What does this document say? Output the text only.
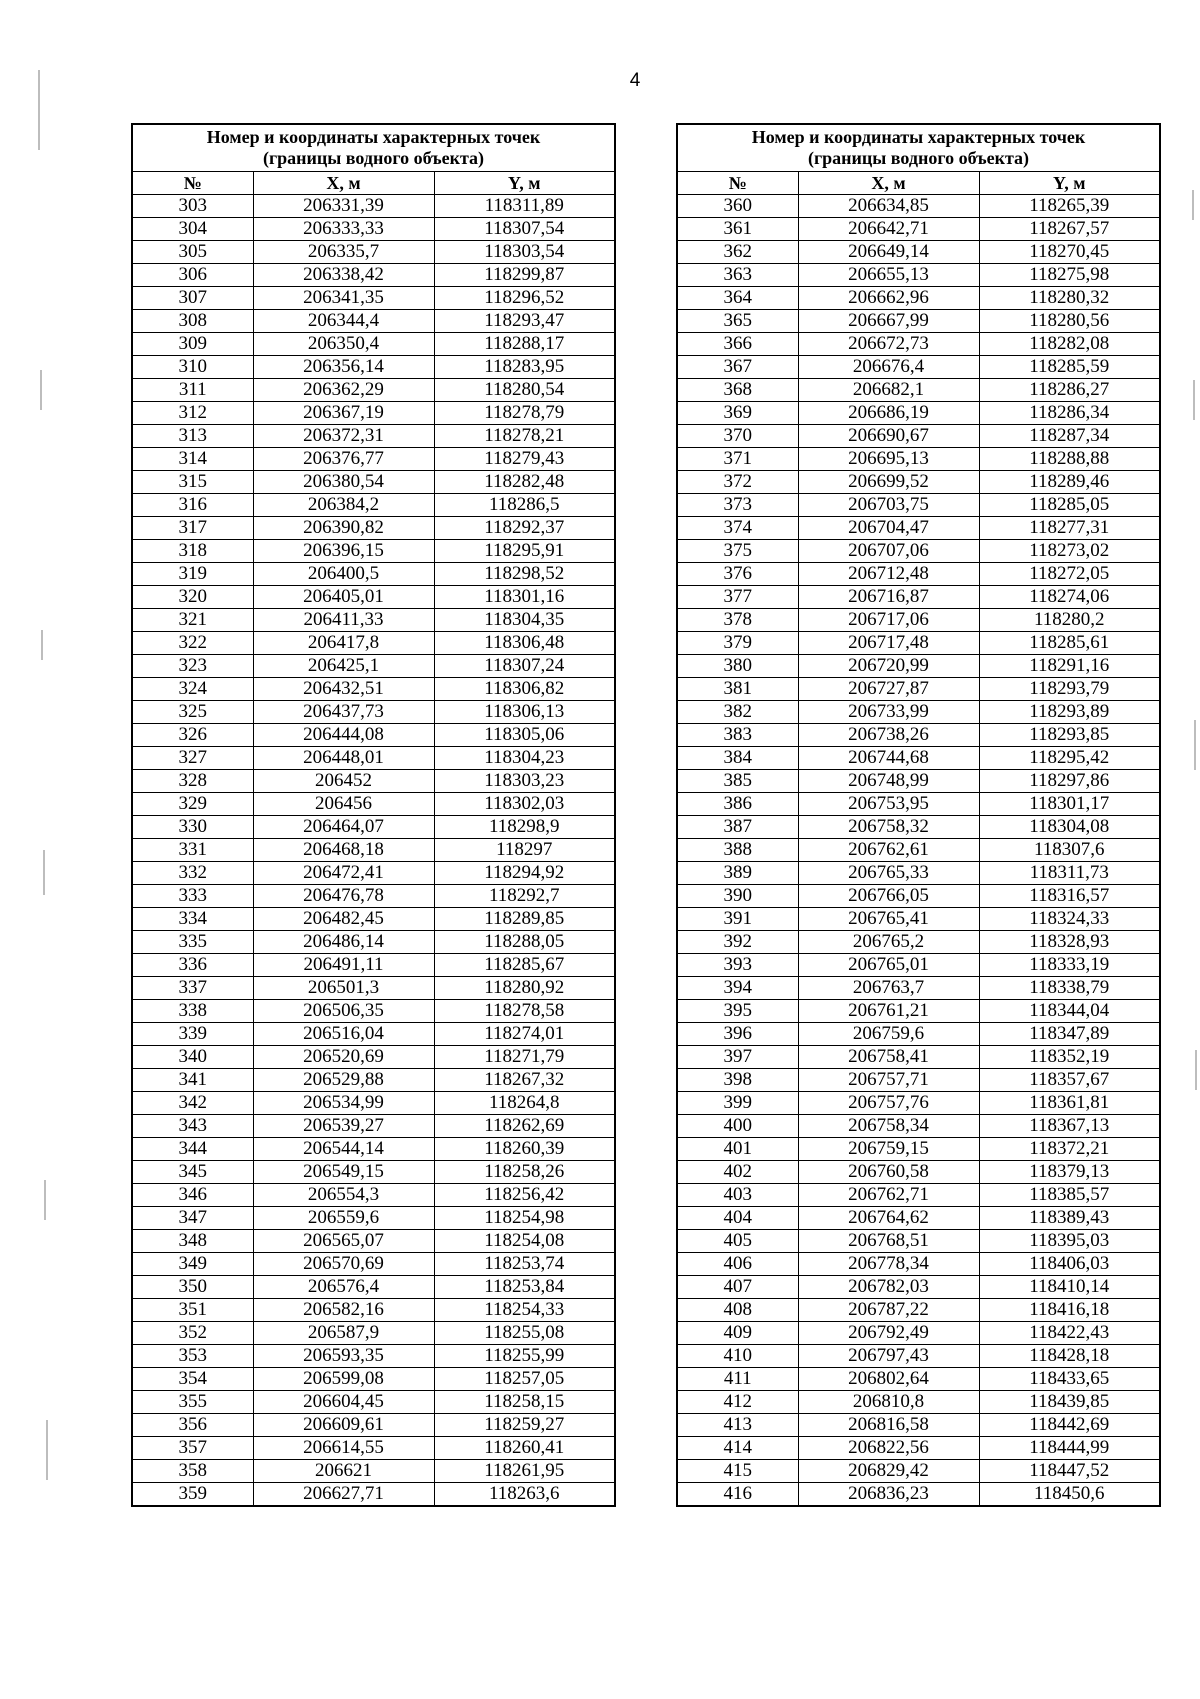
4
Номер и координаты характерных точек
(границы водного объекта)		
№	X, м	Y, м
303	206331,39	118311,89
304	206333,33	118307,54
305	206335,7	118303,54
306	206338,42	118299,87
307	206341,35	118296,52
308	206344,4	118293,47
309	206350,4	118288,17
310	206356,14	118283,95
311	206362,29	118280,54
312	206367,19	118278,79
313	206372,31	118278,21
314	206376,77	118279,43
315	206380,54	118282,48
316	206384,2	118286,5
317	206390,82	118292,37
318	206396,15	118295,91
319	206400,5	118298,52
320	206405,01	118301,16
321	206411,33	118304,35
322	206417,8	118306,48
323	206425,1	118307,24
324	206432,51	118306,82
325	206437,73	118306,13
326	206444,08	118305,06
327	206448,01	118304,23
328	206452	118303,23
329	206456	118302,03
330	206464,07	118298,9
331	206468,18	118297
332	206472,41	118294,92
333	206476,78	118292,7
334	206482,45	118289,85
335	206486,14	118288,05
336	206491,11	118285,67
337	206501,3	118280,92
338	206506,35	118278,58
339	206516,04	118274,01
340	206520,69	118271,79
341	206529,88	118267,32
342	206534,99	118264,8
343	206539,27	118262,69
344	206544,14	118260,39
345	206549,15	118258,26
346	206554,3	118256,42
347	206559,6	118254,98
348	206565,07	118254,08
349	206570,69	118253,74
350	206576,4	118253,84
351	206582,16	118254,33
352	206587,9	118255,08
353	206593,35	118255,99
354	206599,08	118257,05
355	206604,45	118258,15
356	206609,61	118259,27
357	206614,55	118260,41
358	206621	118261,95
359	206627,71	118263,6
Номер и координаты характерных точек
(границы водного объекта)		
№	X, м	Y, м
360	206634,85	118265,39
361	206642,71	118267,57
362	206649,14	118270,45
363	206655,13	118275,98
364	206662,96	118280,32
365	206667,99	118280,56
366	206672,73	118282,08
367	206676,4	118285,59
368	206682,1	118286,27
369	206686,19	118286,34
370	206690,67	118287,34
371	206695,13	118288,88
372	206699,52	118289,46
373	206703,75	118285,05
374	206704,47	118277,31
375	206707,06	118273,02
376	206712,48	118272,05
377	206716,87	118274,06
378	206717,06	118280,2
379	206717,48	118285,61
380	206720,99	118291,16
381	206727,87	118293,79
382	206733,99	118293,89
383	206738,26	118293,85
384	206744,68	118295,42
385	206748,99	118297,86
386	206753,95	118301,17
387	206758,32	118304,08
388	206762,61	118307,6
389	206765,33	118311,73
390	206766,05	118316,57
391	206765,41	118324,33
392	206765,2	118328,93
393	206765,01	118333,19
394	206763,7	118338,79
395	206761,21	118344,04
396	206759,6	118347,89
397	206758,41	118352,19
398	206757,71	118357,67
399	206757,76	118361,81
400	206758,34	118367,13
401	206759,15	118372,21
402	206760,58	118379,13
403	206762,71	118385,57
404	206764,62	118389,43
405	206768,51	118395,03
406	206778,34	118406,03
407	206782,03	118410,14
408	206787,22	118416,18
409	206792,49	118422,43
410	206797,43	118428,18
411	206802,64	118433,65
412	206810,8	118439,85
413	206816,58	118442,69
414	206822,56	118444,99
415	206829,42	118447,52
416	206836,23	118450,6
